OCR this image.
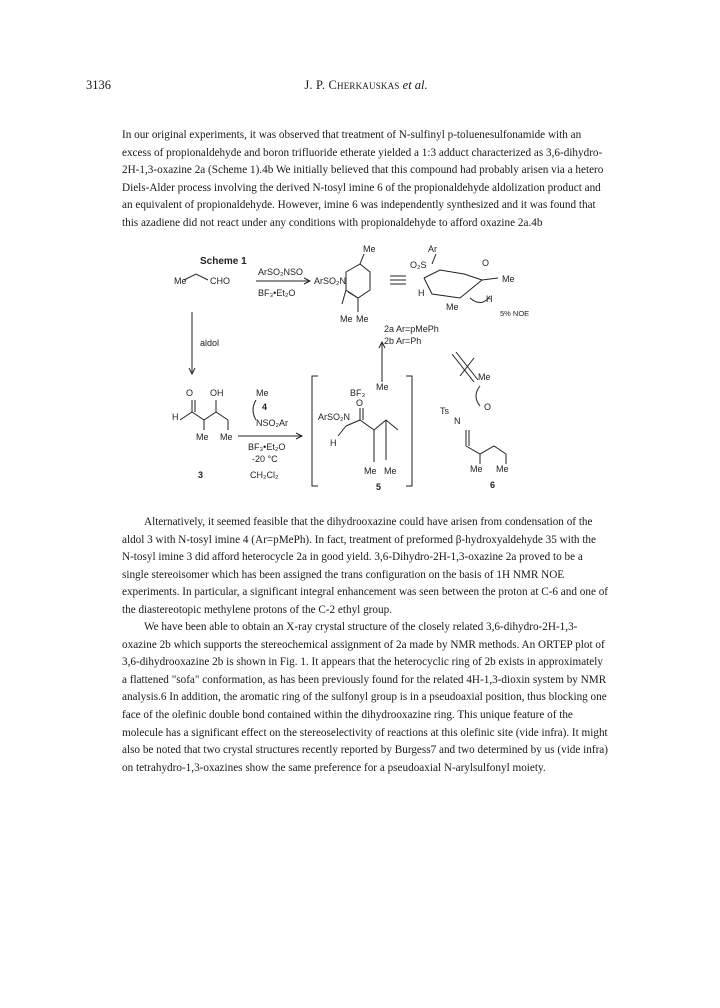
3136	J. P. Cherkauskas et al.

In our original experiments, it was observed that treatment of N-sulfinyl p-toluenesulfonamide with an excess of propionaldehyde and boron trifluoride etherate yielded a 1:3 adduct characterized as 3,6-dihydro-2H-1,3-oxazine 2a (Scheme 1).4b We initially believed that this compound had probably arisen via a hetero Diels-Alder process involving the derived N-tosyl imine 6 of the propionaldehyde aldolization product and an equivalent of propionaldehyde. However, imine 6 was independently synthesized and it was found that this azadiene did not react under any conditions with propionaldehyde to afford oxazine 2a.4b

Scheme 1
Me	CHO
ArSO₂NSO
BF₃•Et₂O
ArSO₂N
Me
Me Me
Ar
O₂S	O
Me
H
Me
H
5% NOE
2a Ar=pMePh
2b Ar=Ph
aldol
O OH
H
Me Me
3
Me
4
NSO₂Ar
BF₃•Et₂O
-20 °C
CH₂Cl₂
BF₃
Me
ArSO₂N
O
H
Me Me
5
Me
Ts
N
O
Me Me
6

Alternatively, it seemed feasible that the dihydrooxazine could have arisen from condensation of the aldol 3 with N-tosyl imine 4 (Ar=pMePh). In fact, treatment of preformed β-hydroxyaldehyde 35 with the N-tosyl imine 3 did afford heterocycle 2a in good yield. 3,6-Dihydro-2H-1,3-oxazine 2a proved to be a single stereoisomer which has been assigned the trans configuration on the basis of 1H NMR NOE experiments. In particular, a significant integral enhancement was seen between the proton at C-6 and one of the diastereotopic methylene protons of the C-2 ethyl group.

We have been able to obtain an X-ray crystal structure of the closely related 3,6-dihydro-2H-1,3-oxazine 2b which supports the stereochemical assignment of 2a made by NMR methods. An ORTEP plot of 3,6-dihydrooxazine 2b is shown in Fig. 1. It appears that the heterocyclic ring of 2b exists in approximately a flattened "sofa" conformation, as has been previously found for the related 4H-1,3-dioxin system by NMR analysis.6 In addition, the aromatic ring of the sulfonyl group is in a pseudoaxial position, thus blocking one face of the olefinic double bond contained within the dihydrooxazine ring. This unique feature of the molecule has a significant effect on the stereoselectivity of reactions at this olefinic site (vide infra). It might also be noted that two crystal structures recently reported by Burgess7 and two determined by us (vide infra) on tetrahydro-1,3-oxazines show the same preference for a pseudoaxial N-arylsulfonyl moiety.
